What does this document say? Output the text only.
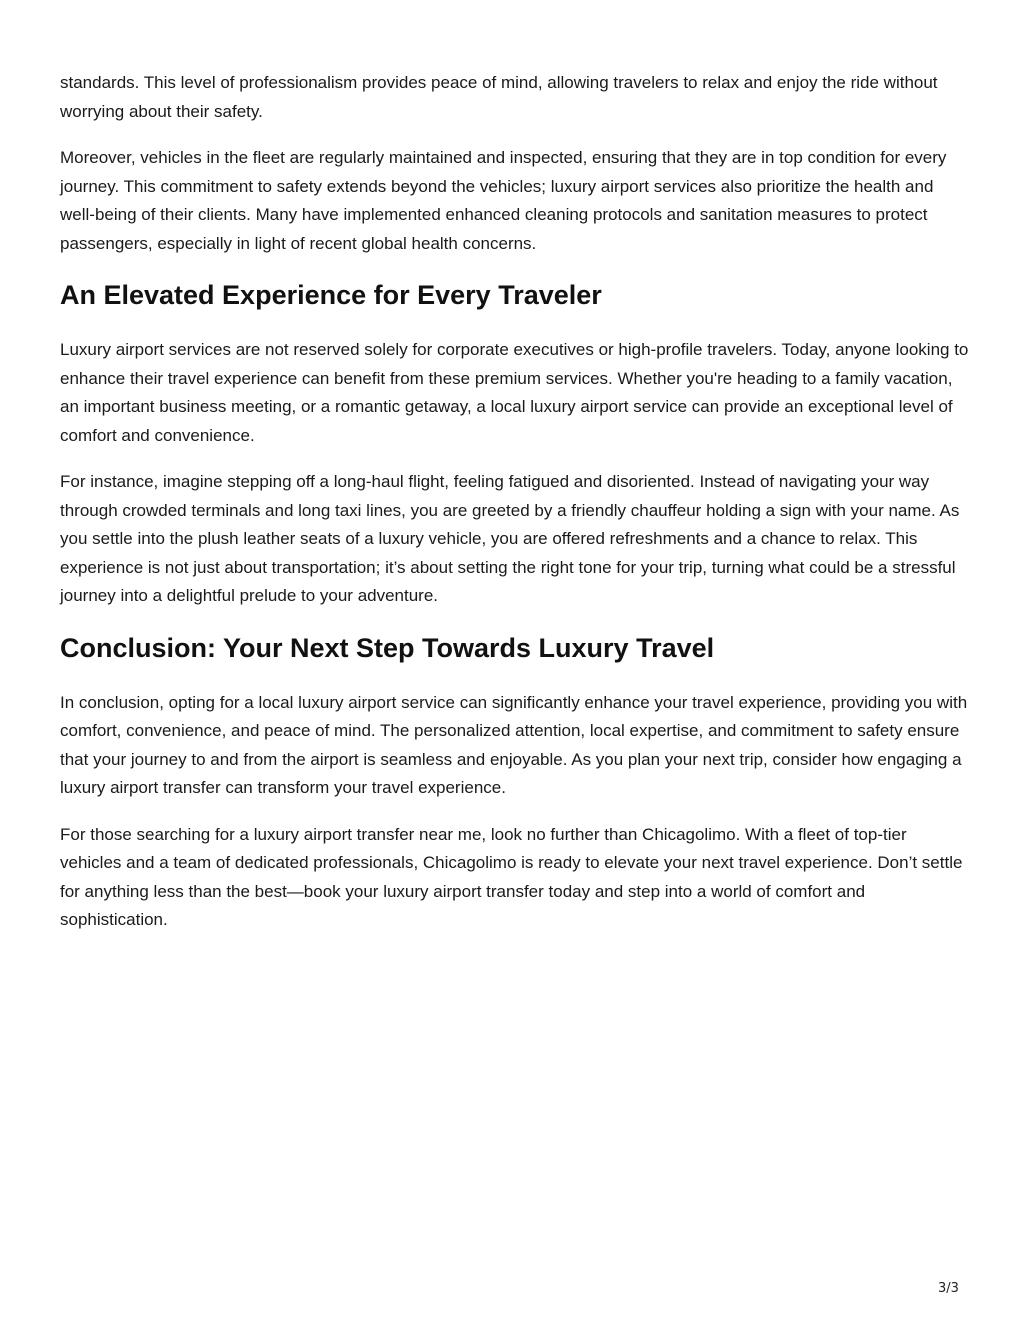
standards. This level of professionalism provides peace of mind, allowing travelers to relax and enjoy the ride without worrying about their safety.

Moreover, vehicles in the fleet are regularly maintained and inspected, ensuring that they are in top condition for every journey. This commitment to safety extends beyond the vehicles; luxury airport services also prioritize the health and well-being of their clients. Many have implemented enhanced cleaning protocols and sanitation measures to protect passengers, especially in light of recent global health concerns.

An Elevated Experience for Every Traveler

Luxury airport services are not reserved solely for corporate executives or high-profile travelers. Today, anyone looking to enhance their travel experience can benefit from these premium services. Whether you're heading to a family vacation, an important business meeting, or a romantic getaway, a local luxury airport service can provide an exceptional level of comfort and convenience.

For instance, imagine stepping off a long-haul flight, feeling fatigued and disoriented. Instead of navigating your way through crowded terminals and long taxi lines, you are greeted by a friendly chauffeur holding a sign with your name. As you settle into the plush leather seats of a luxury vehicle, you are offered refreshments and a chance to relax. This experience is not just about transportation; it’s about setting the right tone for your trip, turning what could be a stressful journey into a delightful prelude to your adventure.

Conclusion: Your Next Step Towards Luxury Travel

In conclusion, opting for a local luxury airport service can significantly enhance your travel experience, providing you with comfort, convenience, and peace of mind. The personalized attention, local expertise, and commitment to safety ensure that your journey to and from the airport is seamless and enjoyable. As you plan your next trip, consider how engaging a luxury airport transfer can transform your travel experience.

For those searching for a luxury airport transfer near me, look no further than Chicagolimo. With a fleet of top-tier vehicles and a team of dedicated professionals, Chicagolimo is ready to elevate your next travel experience. Don’t settle for anything less than the best—book your luxury airport transfer today and step into a world of comfort and sophistication.

3/3
